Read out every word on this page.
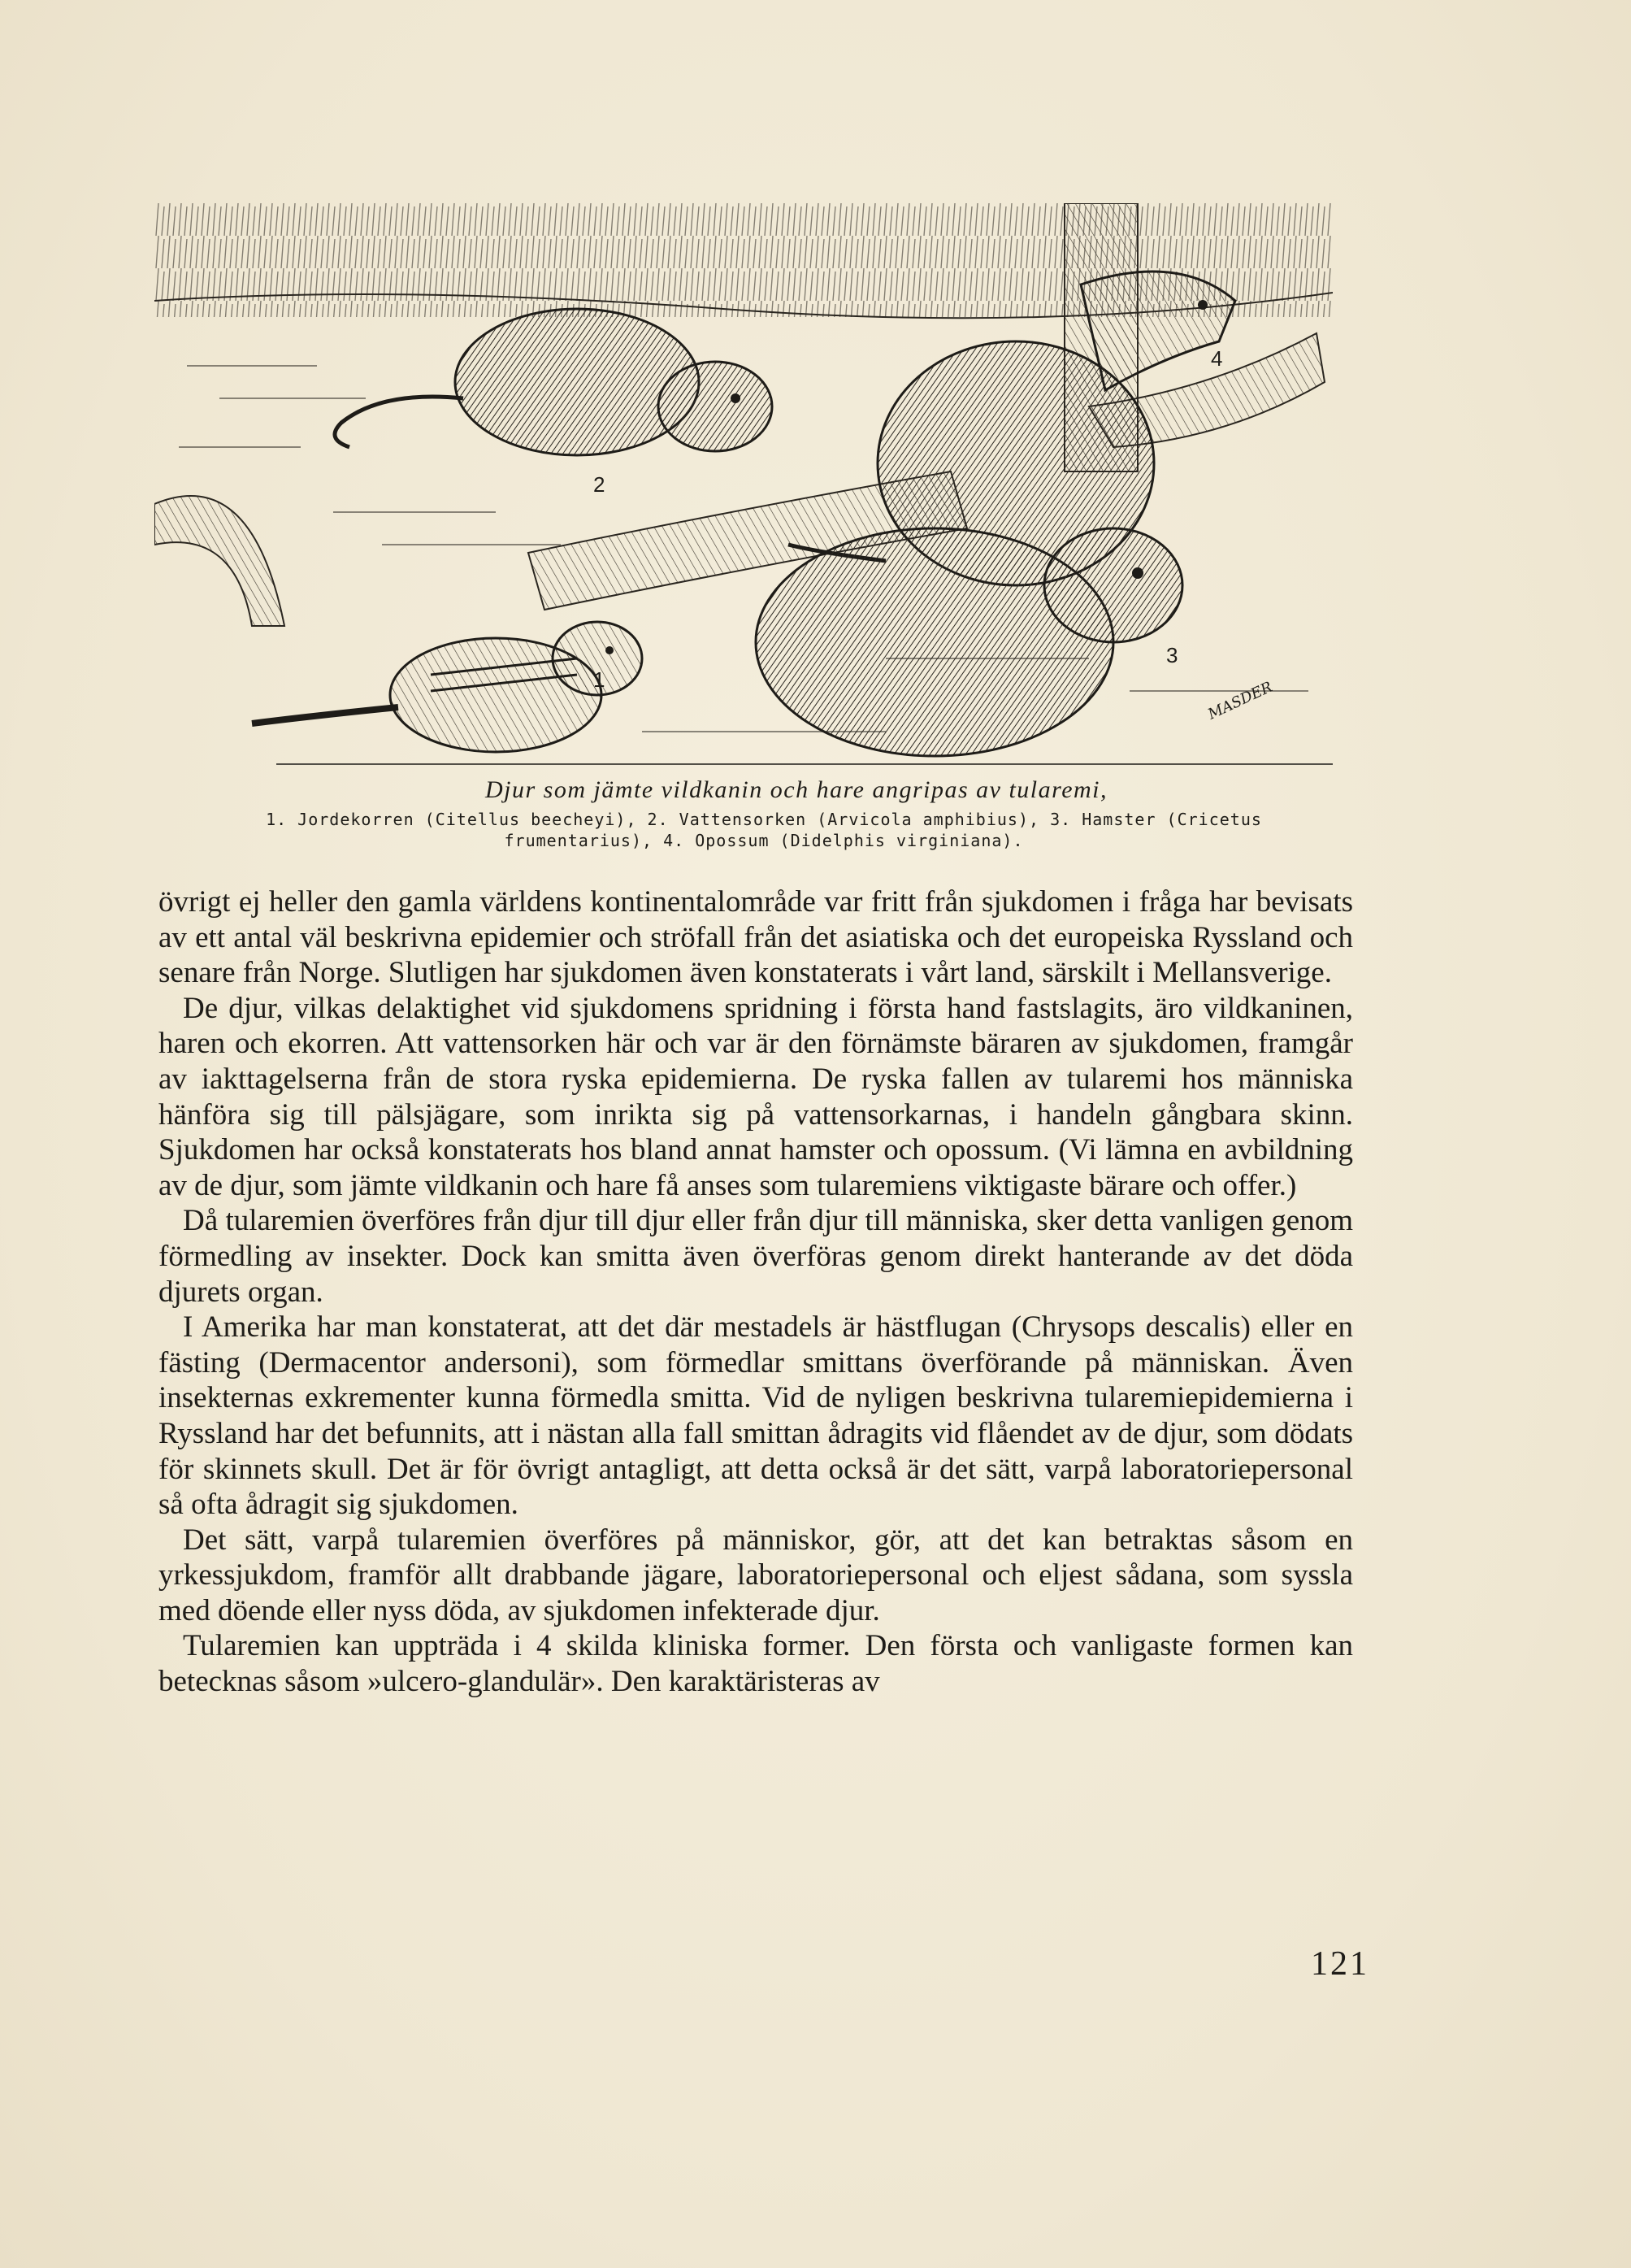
1
2
3
4
MASDER
Djur som jämte vildkanin och hare angripas av tularemi,
1. Jordekorren (Citellus beecheyi), 2. Vattensorken (Arvicola amphibius), 3. Hamster (Cricetus
frumentarius), 4. Opossum (Didelphis virginiana).

övrigt ej heller den gamla världens kontinentalområde var fritt från sjukdomen i fråga har bevisats av ett antal väl beskrivna epidemier och ströfall från det asiatiska och det europeiska Ryssland och senare från Norge. Slutligen har sjukdomen även konstaterats i vårt land, särskilt i Mellansverige.

De djur, vilkas delaktighet vid sjukdomens spridning i första hand fastslagits, äro vildkaninen, haren och ekorren. Att vattensorken här och var är den förnämste bäraren av sjukdomen, framgår av iakttagelserna från de stora ryska epidemierna. De ryska fallen av tularemi hos människa hänföra sig till pälsjägare, som inrikta sig på vattensorkarnas, i handeln gångbara skinn. Sjukdomen har också konstaterats hos bland annat hamster och opossum. (Vi lämna en avbildning av de djur, som jämte vildkanin och hare få anses som tularemiens viktigaste bärare och offer.)

Då tularemien överföres från djur till djur eller från djur till människa, sker detta vanligen genom förmedling av insekter. Dock kan smitta även överföras genom direkt hanterande av det döda djurets organ.

I Amerika har man konstaterat, att det där mestadels är hästflugan (Chrysops descalis) eller en fästing (Dermacentor andersoni), som förmedlar smittans överförande på människan. Även insekternas exkrementer kunna förmedla smitta. Vid de nyligen beskrivna tularemiepidemierna i Ryssland har det befunnits, att i nästan alla fall smittan ådragits vid flåendet av de djur, som dödats för skinnets skull. Det är för övrigt antagligt, att detta också är det sätt, varpå laboratoriepersonal så ofta ådragit sig sjukdomen.

Det sätt, varpå tularemien överföres på människor, gör, att det kan betraktas såsom en yrkessjukdom, framför allt drabbande jägare, laboratoriepersonal och eljest sådana, som syssla med döende eller nyss döda, av sjukdomen infekterade djur.

Tularemien kan uppträda i 4 skilda kliniska former. Den första och vanligaste formen kan betecknas såsom »ulcero-glandulär». Den karaktäristeras av

121
